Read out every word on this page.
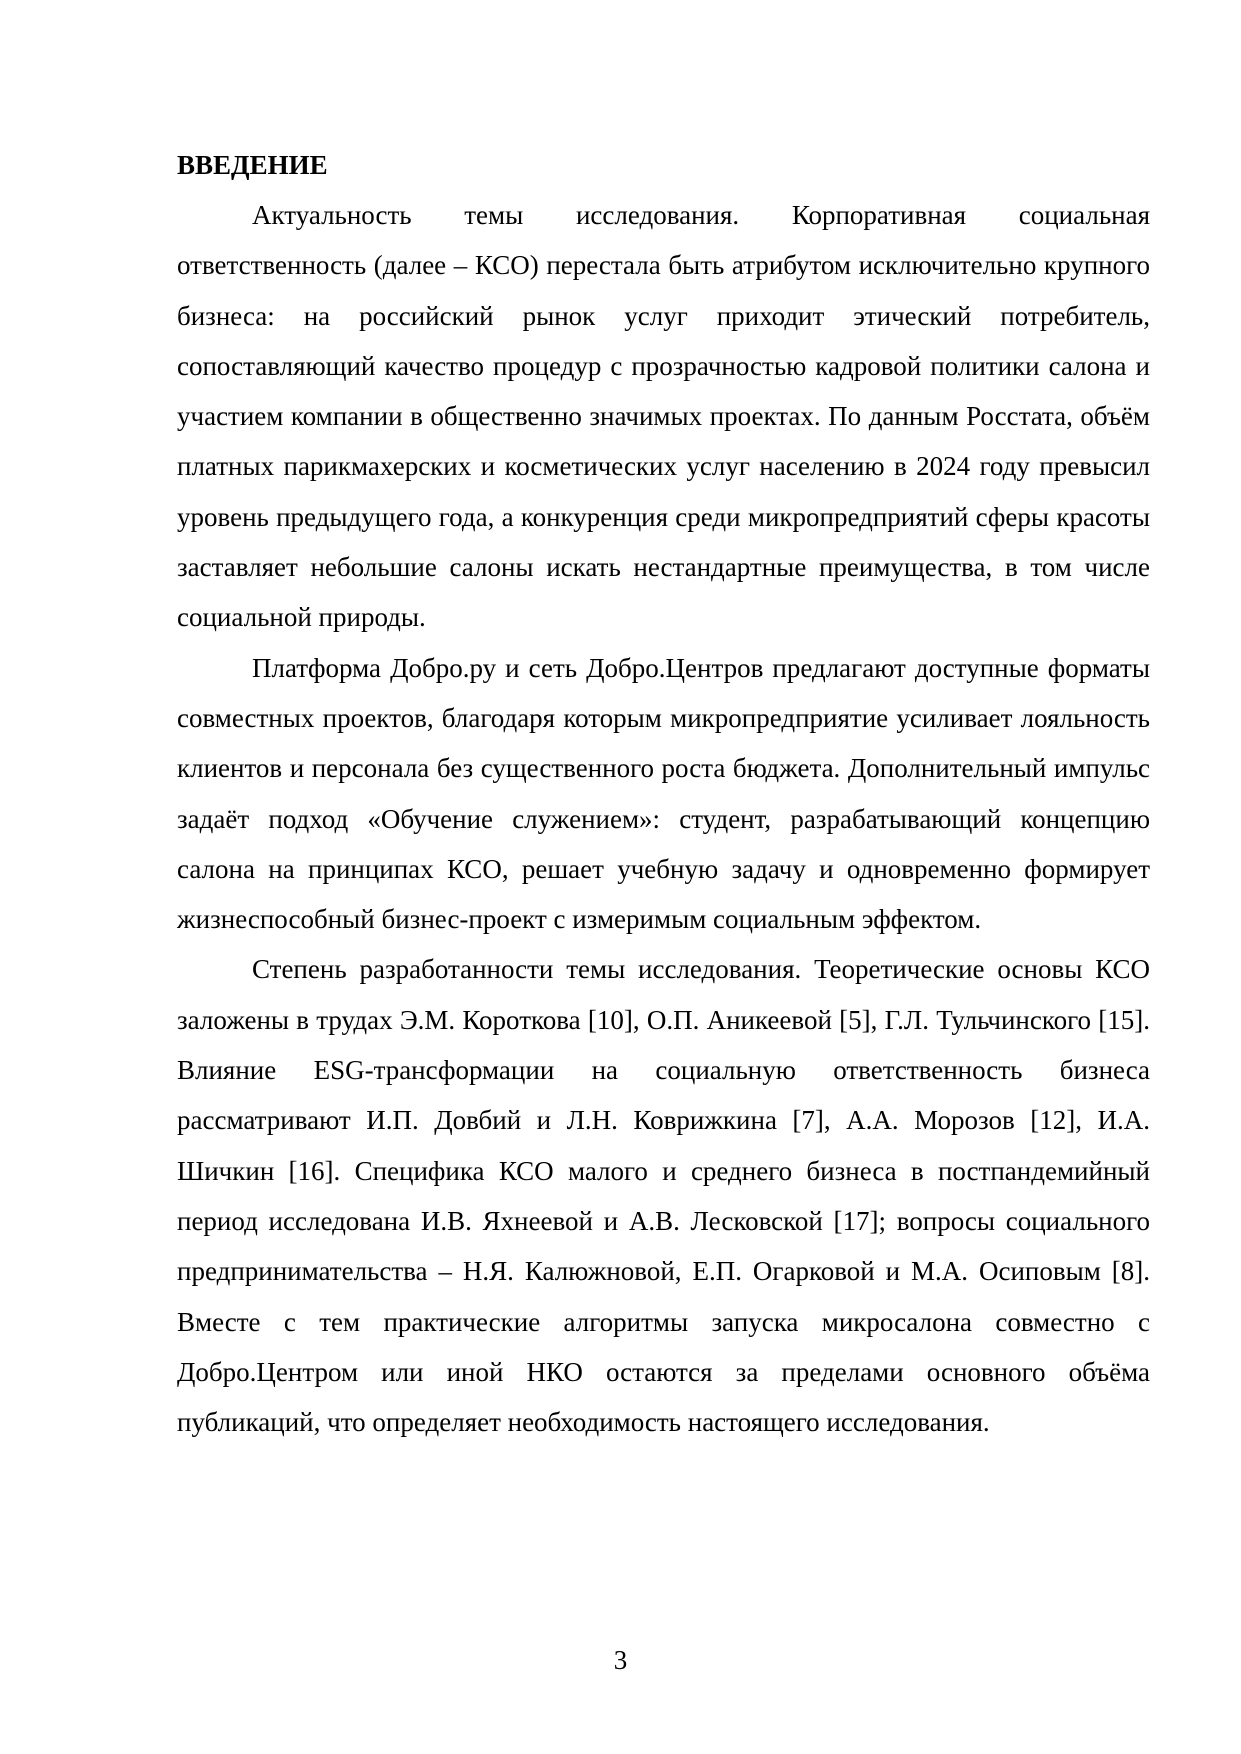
ВВЕДЕНИЕ

Актуальность темы исследования. Корпоративная социальная ответственность (далее – КСО) перестала быть атрибутом исключительно крупного бизнеса: на российский рынок услуг приходит этический потребитель, сопоставляющий качество процедур с прозрачностью кадровой политики салона и участием компании в общественно значимых проектах. По данным Росстата, объём платных парикмахерских и косметических услуг населению в 2024 году превысил уровень предыдущего года, а конкуренция среди микропредприятий сферы красоты заставляет небольшие салоны искать нестандартные преимущества, в том числе социальной природы.

Платформа Добро.ру и сеть Добро.Центров предлагают доступные форматы совместных проектов, благодаря которым микропредприятие усиливает лояльность клиентов и персонала без существенного роста бюджета. Дополнительный импульс задаёт подход «Обучение служением»: студент, разрабатывающий концепцию салона на принципах КСО, решает учебную задачу и одновременно формирует жизнеспособный бизнес-проект с измеримым социальным эффектом.

Степень разработанности темы исследования. Теоретические основы КСО заложены в трудах Э.М. Короткова [10], О.П. Аникеевой [5], Г.Л. Тульчинского [15]. Влияние ESG-трансформации на социальную ответственность бизнеса рассматривают И.П. Довбий и Л.Н. Коврижкина [7], А.А. Морозов [12], И.А. Шичкин [16]. Специфика КСО малого и среднего бизнеса в постпандемийный период исследована И.В. Яхнеевой и А.В. Лесковской [17]; вопросы социального предпринимательства – Н.Я. Калюжновой, Е.П. Огарковой и М.А. Осиповым [8]. Вместе с тем практические алгоритмы запуска микросалона совместно с Добро.Центром или иной НКО остаются за пределами основного объёма публикаций, что определяет необходимость настоящего исследования.

3
